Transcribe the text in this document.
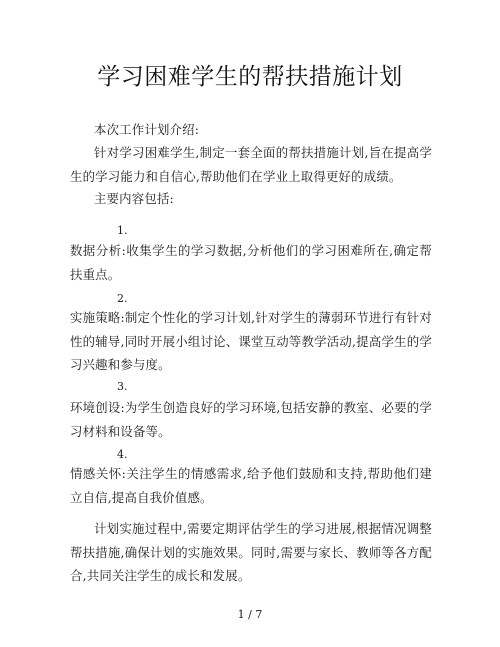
学习困难学生的帮扶措施计划

本次工作计划介绍:

针对学习困难学生,制定一套全面的帮扶措施计划,旨在提高学生的学习能力和自信心,帮助他们在学业上取得更好的成绩。

主要内容包括:

1.

数据分析:收集学生的学习数据,分析他们的学习困难所在,确定帮扶重点。

2.

实施策略:制定个性化的学习计划,针对学生的薄弱环节进行有针对性的辅导,同时开展小组讨论、课堂互动等教学活动,提高学生的学习兴趣和参与度。

3.

环境创设:为学生创造良好的学习环境,包括安静的教室、必要的学习材料和设备等。

4.

情感关怀:关注学生的情感需求,给予他们鼓励和支持,帮助他们建立自信,提高自我价值感。

计划实施过程中,需要定期评估学生的学习进展,根据情况调整帮扶措施,确保计划的实施效果。同时,需要与家长、教师等各方配合,共同关注学生的成长和发展。

1 / 7
